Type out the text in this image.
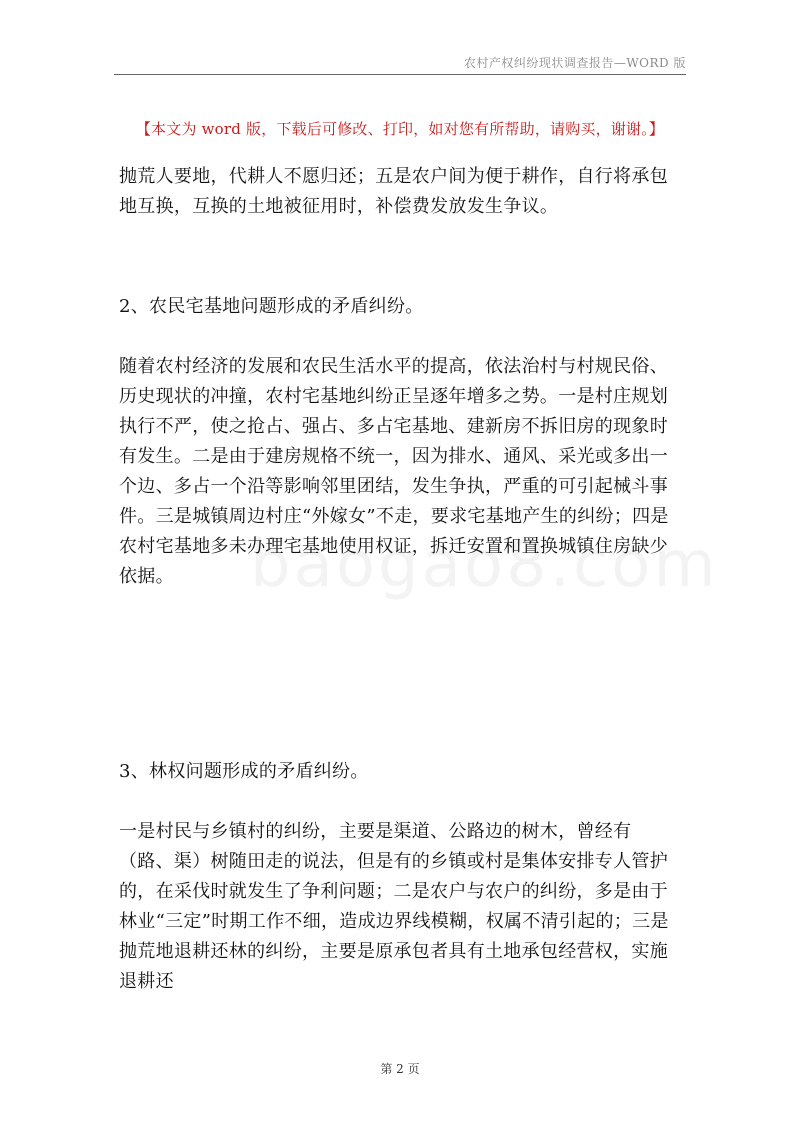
农村产权纠纷现状调查报告—WORD 版
【本文为 word 版，下载后可修改、打印，如对您有所帮助，请购买，谢谢。】

抛荒人要地，代耕人不愿归还；五是农户间为便于耕作，自行将承包地互换，互换的土地被征用时，补偿费发放发生争议。

2、农民宅基地问题形成的矛盾纠纷。

随着农村经济的发展和农民生活水平的提高，依法治村与村规民俗、历史现状的冲撞，农村宅基地纠纷正呈逐年增多之势。一是村庄规划执行不严，使之抢占、强占、多占宅基地、建新房不拆旧房的现象时有发生。二是由于建房规格不统一，因为排水、通风、采光或多出一个边、多占一个沿等影响邻里团结，发生争执，严重的可引起械斗事件。三是城镇周边村庄“外嫁女”不走，要求宅基地产生的纠纷；四是农村宅基地多未办理宅基地使用权证，拆迁安置和置换城镇住房缺少依据。

3、林权问题形成的矛盾纠纷。

一是村民与乡镇村的纠纷，主要是渠道、公路边的树木，曾经有（路、渠）树随田走的说法，但是有的乡镇或村是集体安排专人管护的，在采伐时就发生了争利问题；二是农户与农户的纠纷，多是由于林业“三定”时期工作不细，造成边界线模糊，权属不清引起的；三是抛荒地退耕还林的纠纷，主要是原承包者具有土地承包经营权，实施退耕还

第 2 页
